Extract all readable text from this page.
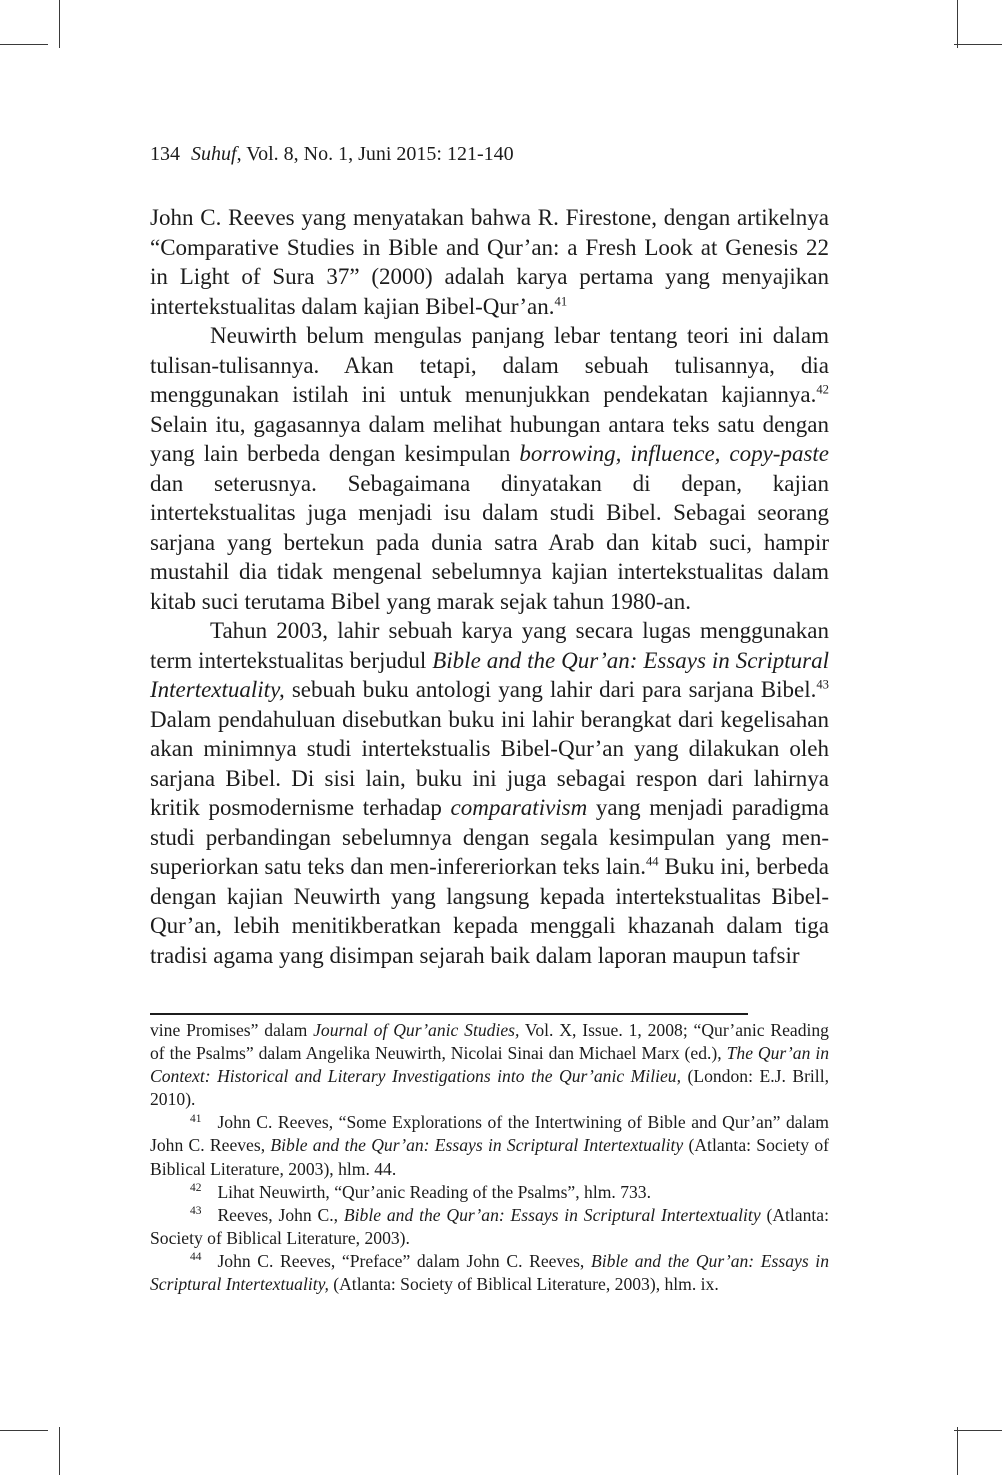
134 Suhuf, Vol. 8, No. 1, Juni 2015: 121-140

John C. Reeves yang menyatakan bahwa R. Firestone, dengan artikelnya “Comparative Studies in Bible and Qur’an: a Fresh Look at Genesis 22 in Light of Sura 37” (2000) adalah karya pertama yang menyajikan intertekstualitas dalam kajian Bibel-Qur’an.$^{41}$

Neuwirth belum mengulas panjang lebar tentang teori ini dalam tulisan-tulisannya. Akan tetapi, dalam sebuah tulisannya, dia menggunakan istilah ini untuk menunjukkan pendekatan kajiannya.$^{42}$ Selain itu, gagasannya dalam melihat hubungan antara teks satu dengan yang lain berbeda dengan kesimpulan borrowing, influence, copy-paste dan seterusnya. Sebagaimana dinyatakan di depan, kajian intertekstualitas juga menjadi isu dalam studi Bibel. Sebagai seorang sarjana yang bertekun pada dunia satra Arab dan kitab suci, hampir mustahil dia tidak mengenal sebelumnya kajian intertekstualitas dalam kitab suci terutama Bibel yang marak sejak tahun 1980-an.

Tahun 2003, lahir sebuah karya yang secara lugas menggunakan term intertekstualitas berjudul Bible and the Qur’an: Essays in Scriptural Intertextuality, sebuah buku antologi yang lahir dari para sarjana Bibel.$^{43}$ Dalam pendahuluan disebutkan buku ini lahir berangkat dari kegelisahan akan minimnya studi intertekstualis Bibel-Qur’an yang dilakukan oleh sarjana Bibel. Di sisi lain, buku ini juga sebagai respon dari lahirnya kritik posmodernisme terhadap comparativism yang menjadi paradigma studi perbandingan sebelumnya dengan segala kesimpulan yang men-superiorkan satu teks dan men-infereriorkan teks lain.$^{44}$ Buku ini, berbeda dengan kajian Neuwirth yang langsung kepada intertekstualitas Bibel-Qur’an, lebih menitikberatkan kepada menggali khazanah dalam tiga tradisi agama yang disimpan sejarah baik dalam laporan maupun tafsir

vine Promises” dalam Journal of Qur’anic Studies, Vol. X, Issue. 1, 2008; “Qur’anic Reading of the Psalms” dalam Angelika Neuwirth, Nicolai Sinai dan Michael Marx (ed.), The Qur’an in Context: Historical and Literary Investigations into the Qur’anic Milieu, (London: E.J. Brill, 2010).

$^{41}$ John C. Reeves, “Some Explorations of the Intertwining of Bible and Qur’an” dalam John C. Reeves, Bible and the Qur’an: Essays in Scriptural Intertextuality (Atlanta: Society of Biblical Literature, 2003), hlm. 44.

$^{42}$ Lihat Neuwirth, “Qur’anic Reading of the Psalms”, hlm. 733.

$^{43}$ Reeves, John C., Bible and the Qur’an: Essays in Scriptural Intertextuality (Atlanta: Society of Biblical Literature, 2003).

$^{44}$ John C. Reeves, “Preface” dalam John C. Reeves, Bible and the Qur’an: Essays in Scriptural Intertextuality, (Atlanta: Society of Biblical Literature, 2003), hlm. ix.
